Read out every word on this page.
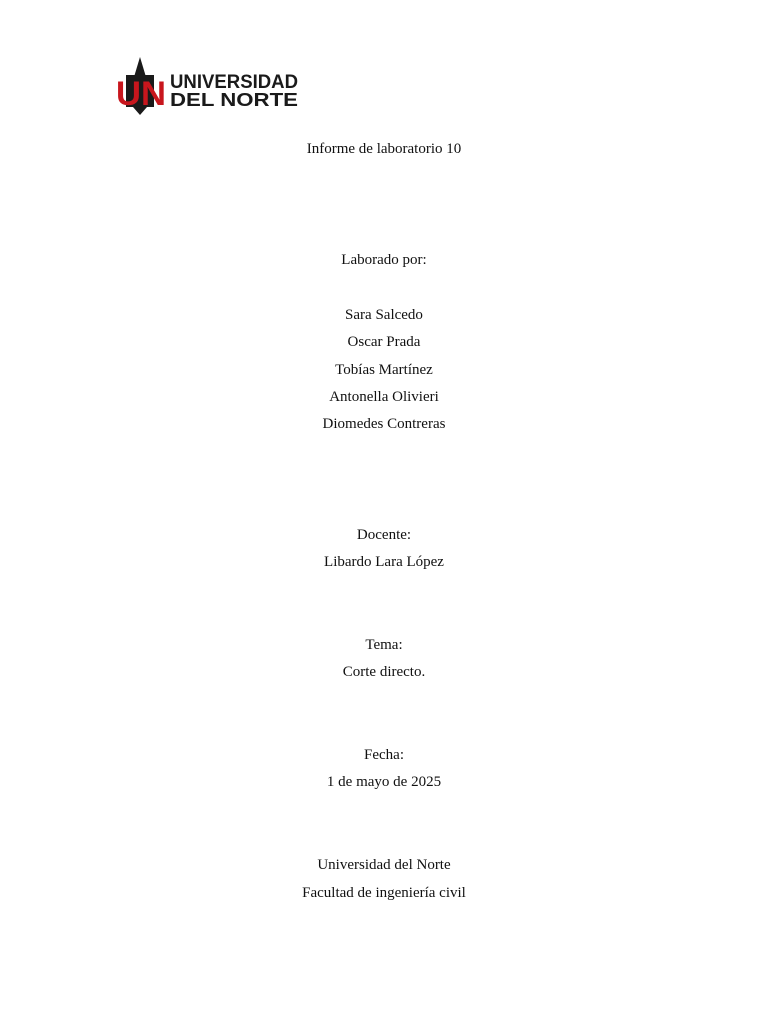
UN UNIVERSIDAD
DEL NORTE
Informe de laboratorio 10
Laborado por:
Sara Salcedo
Oscar Prada
Tobías Martínez
Antonella Olivieri
Diomedes Contreras
Docente:
Libardo Lara López
Tema:
Corte directo.
Fecha:
1 de mayo de 2025
Universidad del Norte
Facultad de ingeniería civil
